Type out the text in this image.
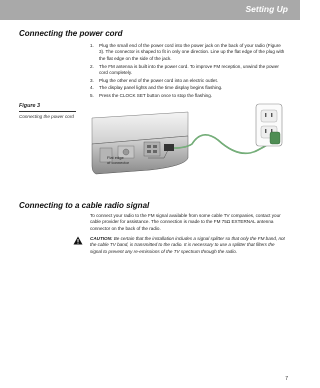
Setting Up
Connecting the power cord
1. Plug the small end of the power cord into the power jack on the back of your radio (Figure 3). The connector is shaped to fit in only one direction. Line up the flat edge of the plug with the flat edge on the side of the jack.
2. The FM antenna is built into the power cord. To improve FM reception, unwind the power cord completely.
3. Plug the other end of the power cord into an electric outlet.
4. The display panel lights and the time display begins flashing.
5. Press the CLOCK SET button once to stop the flashing.
Figure 3
Connecting the power cord
Flat edge
of connector
Connecting to a cable radio signal
To connect your radio to the FM signal available from some cable TV companies, contact your cable provider for assistance. The connection is made to the FM 75Ω EXTERNAL antenna connector on the back of the radio.
CAUTION: Be certain that the installation includes a signal splitter so that only the FM band, not the cable TV band, is transmitted to the radio. It is necessary to use a splitter that filters the signal to prevent any re-emissions of the TV spectrum through the radio.
7
